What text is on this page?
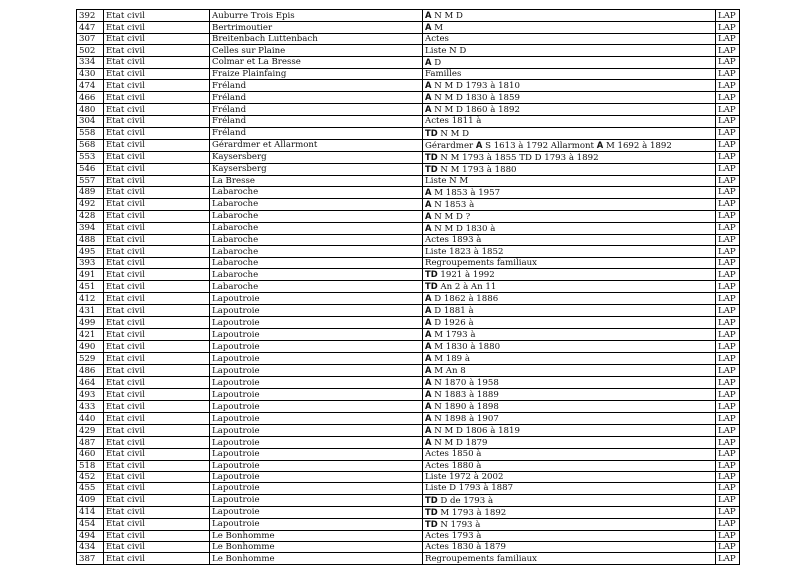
392	Etat civil	Auburre Trois Epis	A N M D	LAP
447	Etat civil	Bertrimoutier	A M	LAP
307	Etat civil	Breitenbach Luttenbach	Actes	LAP
502	Etat civil	Celles sur Plaine	Liste N D	LAP
334	Etat civil	Colmar et La Bresse	A D	LAP
430	Etat civil	Fraize Plainfaing	Familles	LAP
474	Etat civil	Fréland	A N M D 1793 à 1810	LAP
466	Etat civil	Fréland	A N M D 1830 à 1859	LAP
480	Etat civil	Fréland	A N M D 1860 à 1892	LAP
304	Etat civil	Fréland	Actes 1811 à	LAP
558	Etat civil	Fréland	TD N M D	LAP
568	Etat civil	Gérardmer et Allarmont	Gérardmer A S 1613 à 1792 Allarmont A M 1692 à 1892	LAP
553	Etat civil	Kaysersberg	TD N M 1793 à 1855 TD D 1793 à 1892	LAP
546	Etat civil	Kaysersberg	TD N M 1793 à 1880	LAP
557	Etat civil	La Bresse	Liste N M	LAP
489	Etat civil	Labaroche	A M 1853 à 1957	LAP
492	Etat civil	Labaroche	A N 1853 à	LAP
428	Etat civil	Labaroche	A N M D ?	LAP
394	Etat civil	Labaroche	A N M D 1830 à	LAP
488	Etat civil	Labaroche	Actes 1893 à	LAP
495	Etat civil	Labaroche	Liste 1823 à 1852	LAP
393	Etat civil	Labaroche	Regroupements familiaux	LAP
491	Etat civil	Labaroche	TD 1921 à 1992	LAP
451	Etat civil	Labaroche	TD An 2 à An 11	LAP
412	Etat civil	Lapoutroie	A D 1862 à 1886	LAP
431	Etat civil	Lapoutroie	A D 1881 à	LAP
499	Etat civil	Lapoutroie	A D 1926 à	LAP
421	Etat civil	Lapoutroie	A M 1793 à	LAP
490	Etat civil	Lapoutroie	A M 1830 à 1880	LAP
529	Etat civil	Lapoutroie	A M 189 à	LAP
486	Etat civil	Lapoutroie	A M An 8	LAP
464	Etat civil	Lapoutroie	A N 1870 à 1958	LAP
493	Etat civil	Lapoutroie	A N 1883 à 1889	LAP
433	Etat civil	Lapoutroie	A N 1890 à 1898	LAP
440	Etat civil	Lapoutroie	A N 1898 à 1907	LAP
429	Etat civil	Lapoutroie	A N M D 1806 à 1819	LAP
487	Etat civil	Lapoutroie	A N M D 1879	LAP
460	Etat civil	Lapoutroie	Actes 1850 à	LAP
518	Etat civil	Lapoutroie	Actes 1880 à	LAP
452	Etat civil	Lapoutroie	Liste 1972 à 2002	LAP
455	Etat civil	Lapoutroie	Liste D 1793 à 1887	LAP
409	Etat civil	Lapoutroie	TD D de 1793 à	LAP
414	Etat civil	Lapoutroie	TD M 1793 à 1892	LAP
454	Etat civil	Lapoutroie	TD N 1793 à	LAP
494	Etat civil	Le Bonhomme	Actes 1793 à	LAP
434	Etat civil	Le Bonhomme	Actes 1830 à 1879	LAP
387	Etat civil	Le Bonhomme	Regroupements familiaux	LAP
